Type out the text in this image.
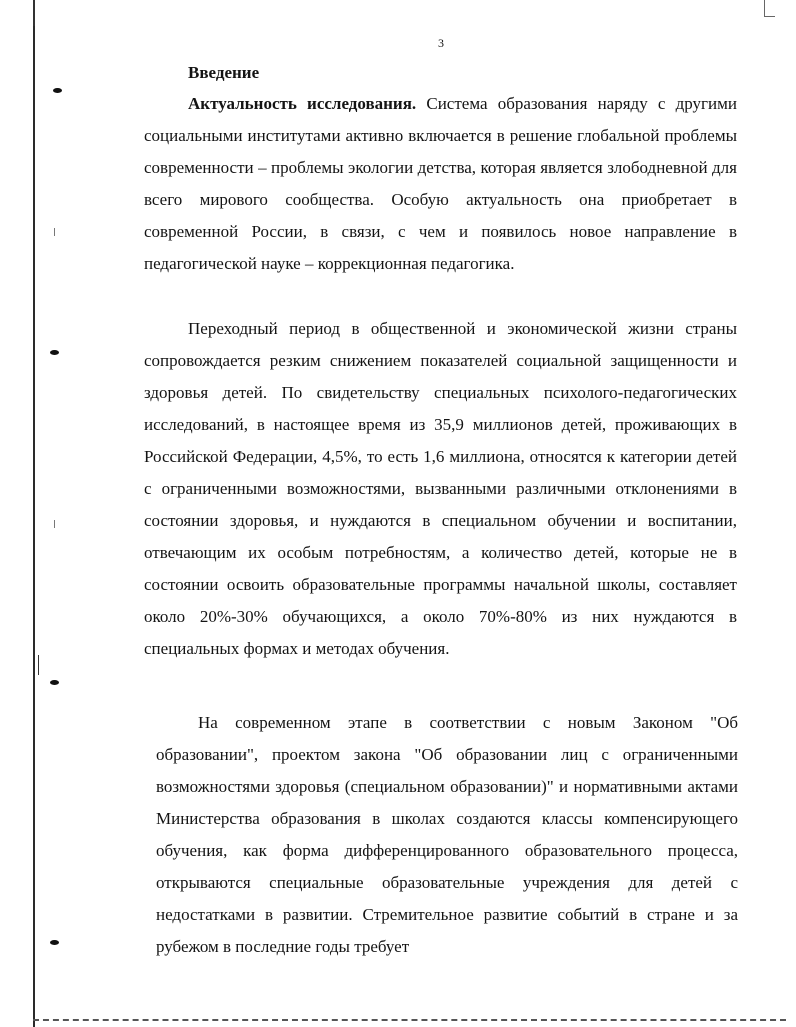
3
Введение

Актуальность исследования. Система образования наряду с другими социальными институтами активно включается в решение глобальной проблемы современности – проблемы экологии детства, которая является злободневной для всего мирового сообщества. Особую актуальность она приобретает в современной России, в связи, с чем и появилось новое направление в педагогической науке – коррекционная педагогика.

Переходный период в общественной и экономической жизни страны сопровождается резким снижением показателей социальной защищенности и здоровья детей. По свидетельству специальных психолого-педагогических исследований, в настоящее время из 35,9 миллионов детей, проживающих в Российской Федерации, 4,5%, то есть 1,6 миллиона, относятся к категории детей с ограниченными возможностями, вызванными различными отклонениями в состоянии здоровья, и нуждаются в специальном обучении и воспитании, отвечающим их особым потребностям, а количество детей, которые не в состоянии освоить образовательные программы начальной школы, составляет около 20%-30% обучающихся, а около 70%-80% из них нуждаются в специальных формах и методах обучения.

На современном этапе в соответствии с новым Законом "Об образовании", проектом закона "Об образовании лиц с ограниченными возможностями здоровья (специальном образовании)" и нормативными актами Министерства образования в школах создаются классы компенсирующего обучения, как форма дифференцированного образовательного процесса, открываются специальные образовательные учреждения для детей с недостатками в развитии. Стремительное развитие событий в стране и за рубежом в последние годы требует
